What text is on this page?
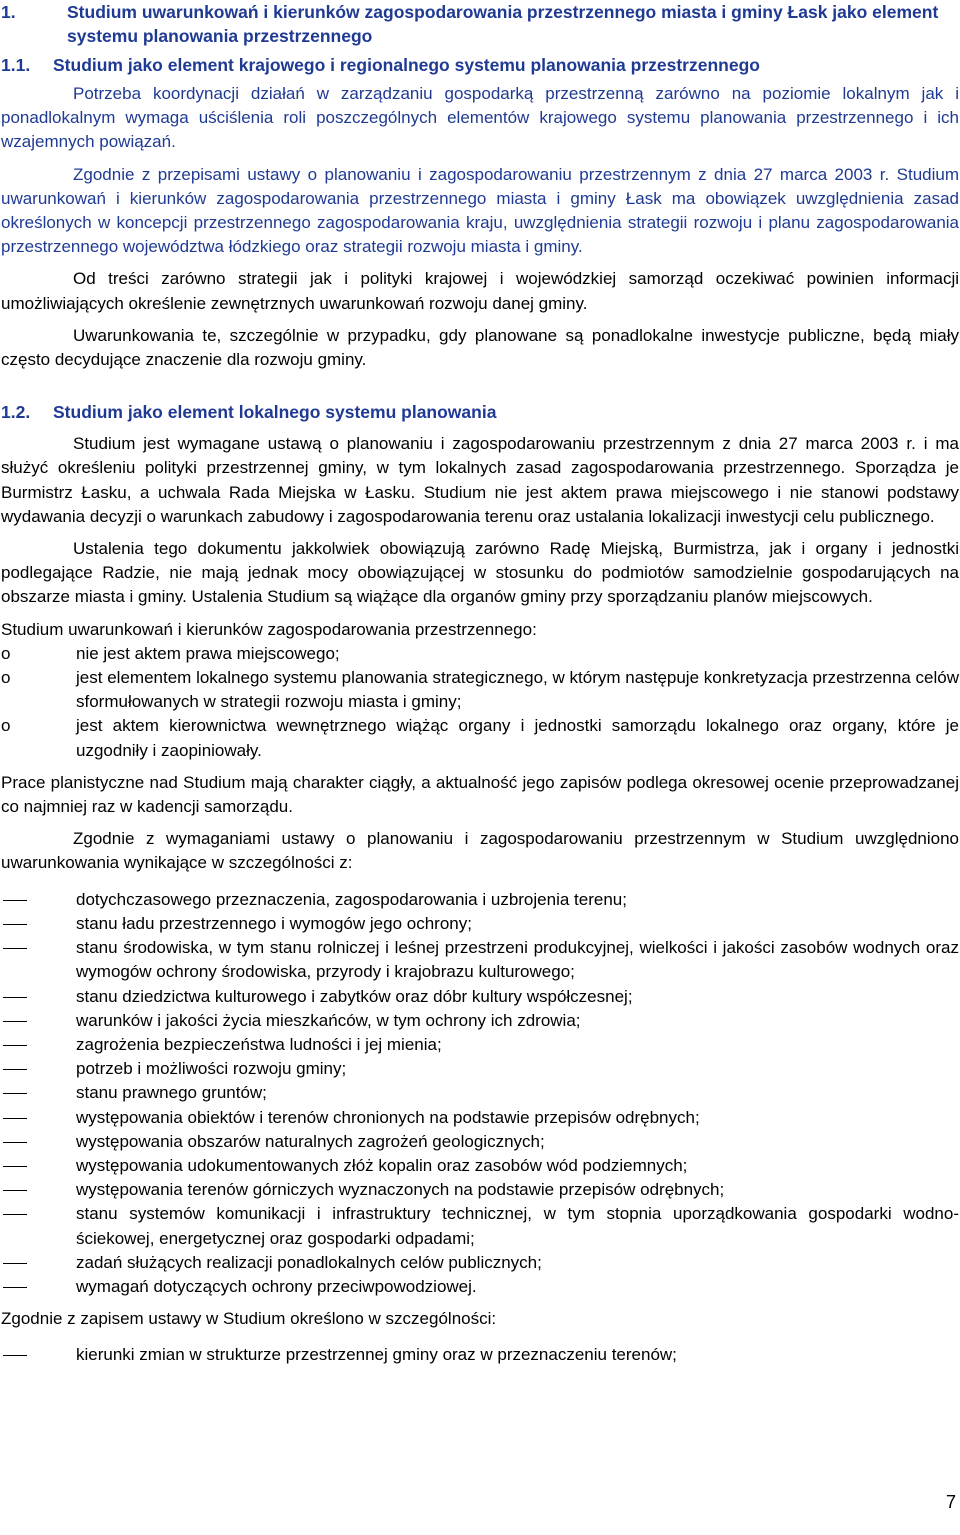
1.	Studium uwarunkowań i kierunków zagospodarowania przestrzennego miasta i gminy Łask jako element systemu planowania przestrzennego
1.1.	Studium jako element krajowego i regionalnego systemu planowania przestrzennego

Potrzeba koordynacji działań w zarządzaniu gospodarką przestrzenną zarówno na poziomie lokalnym jak i ponadlokalnym wymaga uściślenia roli poszczególnych elementów krajowego systemu planowania przestrzennego i ich wzajemnych powiązań.

Zgodnie z przepisami ustawy o planowaniu i zagospodarowaniu przestrzennym z dnia 27 marca 2003 r. Studium uwarunkowań i kierunków zagospodarowania przestrzennego miasta i gminy Łask ma obowiązek uwzględnienia zasad określonych w koncepcji przestrzennego zagospodarowania kraju, uwzględnienia strategii rozwoju i planu zagospodarowania przestrzennego województwa łódzkiego oraz strategii rozwoju miasta i gminy.

Od treści zarówno strategii jak i polityki krajowej i wojewódzkiej samorząd oczekiwać powinien informacji umożliwiających określenie zewnętrznych uwarunkowań rozwoju danej gminy.

Uwarunkowania te, szczególnie w przypadku, gdy planowane są ponadlokalne inwestycje publiczne, będą miały często decydujące znaczenie dla rozwoju gminy.

1.2.	Studium jako element lokalnego systemu planowania

Studium jest wymagane ustawą o planowaniu i zagospodarowaniu przestrzennym z dnia 27 marca 2003 r. i ma służyć określeniu polityki przestrzennej gminy, w tym lokalnych zasad zagospodarowania przestrzennego. Sporządza je Burmistrz Łasku, a uchwala Rada Miejska w Łasku. Studium nie jest aktem prawa miejscowego i nie stanowi podstawy wydawania decyzji o warunkach zabudowy i zagospodarowania terenu oraz ustalania lokalizacji inwestycji celu publicznego.

Ustalenia tego dokumentu jakkolwiek obowiązują zarówno Radę Miejską, Burmistrza, jak i organy i jednostki podlegające Radzie, nie mają jednak mocy obowiązującej w stosunku do podmiotów samodzielnie gospodarujących na obszarze miasta i gminy. Ustalenia Studium są wiążące dla organów gminy przy sporządzaniu planów miejscowych.

Studium uwarunkowań i kierunków zagospodarowania przestrzennego:

o	nie jest aktem prawa miejscowego;
o	jest elementem lokalnego systemu planowania strategicznego, w którym następuje konkretyzacja przestrzenna celów sformułowanych w strategii rozwoju miasta i gminy;
o	jest aktem kierownictwa wewnętrznego wiążąc organy i jednostki samorządu lokalnego oraz organy, które je uzgodniły i zaopiniowały.

Prace planistyczne nad Studium mają charakter ciągły, a aktualność jego zapisów podlega okresowej ocenie przeprowadzanej co najmniej raz w kadencji samorządu.

Zgodnie z wymaganiami ustawy o planowaniu i zagospodarowaniu przestrzennym w Studium uwzględniono uwarunkowania wynikające w szczególności z:

dotychczasowego przeznaczenia, zagospodarowania i uzbrojenia terenu;
stanu ładu przestrzennego i wymogów jego ochrony;
stanu środowiska, w tym stanu rolniczej i leśnej przestrzeni produkcyjnej, wielkości i jakości zasobów wodnych oraz wymogów ochrony środowiska, przyrody i krajobrazu kulturowego;
stanu dziedzictwa kulturowego i zabytków oraz dóbr kultury współczesnej;
warunków i jakości życia mieszkańców, w tym ochrony ich zdrowia;
zagrożenia bezpieczeństwa ludności i jej mienia;
potrzeb i możliwości rozwoju gminy;
stanu prawnego gruntów;
występowania obiektów i terenów chronionych na podstawie przepisów odrębnych;
występowania obszarów naturalnych zagrożeń geologicznych;
występowania udokumentowanych złóż kopalin oraz zasobów wód podziemnych;
występowania terenów górniczych wyznaczonych na podstawie przepisów odrębnych;
stanu systemów komunikacji i infrastruktury technicznej, w tym stopnia uporządkowania gospodarki wodno-ściekowej, energetycznej oraz gospodarki odpadami;
zadań służących realizacji ponadlokalnych celów publicznych;
wymagań dotyczących ochrony przeciwpowodziowej.

Zgodnie z zapisem ustawy w Studium określono w szczególności:

kierunki zmian w strukturze przestrzennej gminy oraz w przeznaczeniu terenów;
7
